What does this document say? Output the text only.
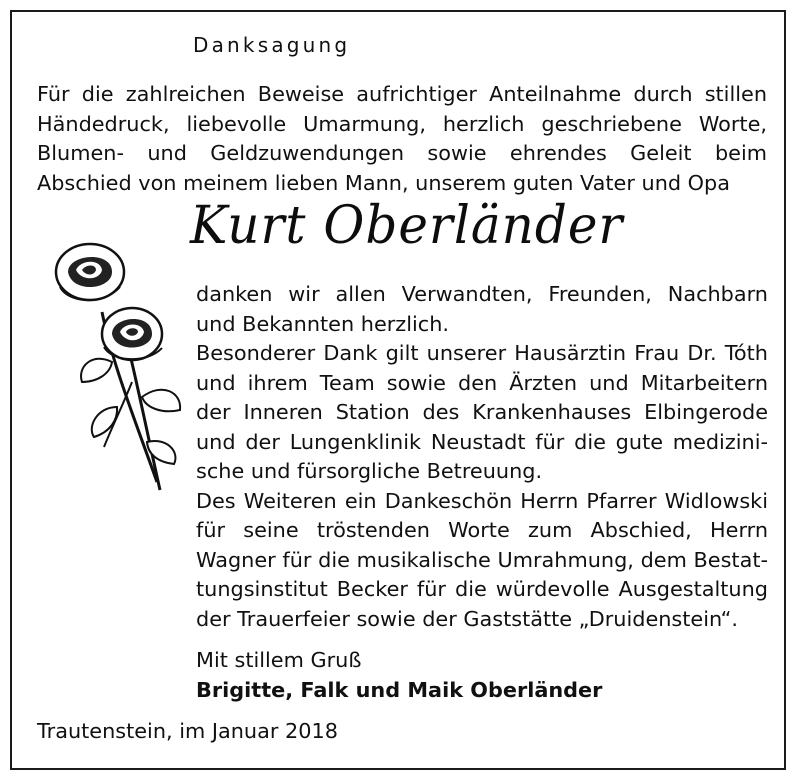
Danksagung
Für die zahlreichen Beweise aufrichtiger Anteilnahme durch stillen
Händedruck, liebevolle Umarmung, herzlich geschriebene Worte,
Blumen- und Geldzuwendungen sowie ehrendes Geleit beim
Abschied von meinem lieben Mann, unserem guten Vater und Opa
Kurt Oberländer
danken wir allen Verwandten, Freunden, Nachbarn
und Bekannten herzlich.
Besonderer Dank gilt unserer Hausärztin Frau Dr. Tóth
und ihrem Team sowie den Ärzten und Mitarbeitern
der Inneren Station des Krankenhauses Elbingerode
und der Lungenklinik Neustadt für die gute medizini-
sche und fürsorgliche Betreuung.
Des Weiteren ein Dankeschön Herrn Pfarrer Widlowski
für seine tröstenden Worte zum Abschied, Herrn
Wagner für die musikalische Umrahmung, dem Bestat-
tungsinstitut Becker für die würdevolle Ausgestaltung
der Trauerfeier sowie der Gaststätte „Druidenstein“.
Mit stillem Gruß
Brigitte, Falk und Maik Oberländer
Trautenstein, im Januar 2018
